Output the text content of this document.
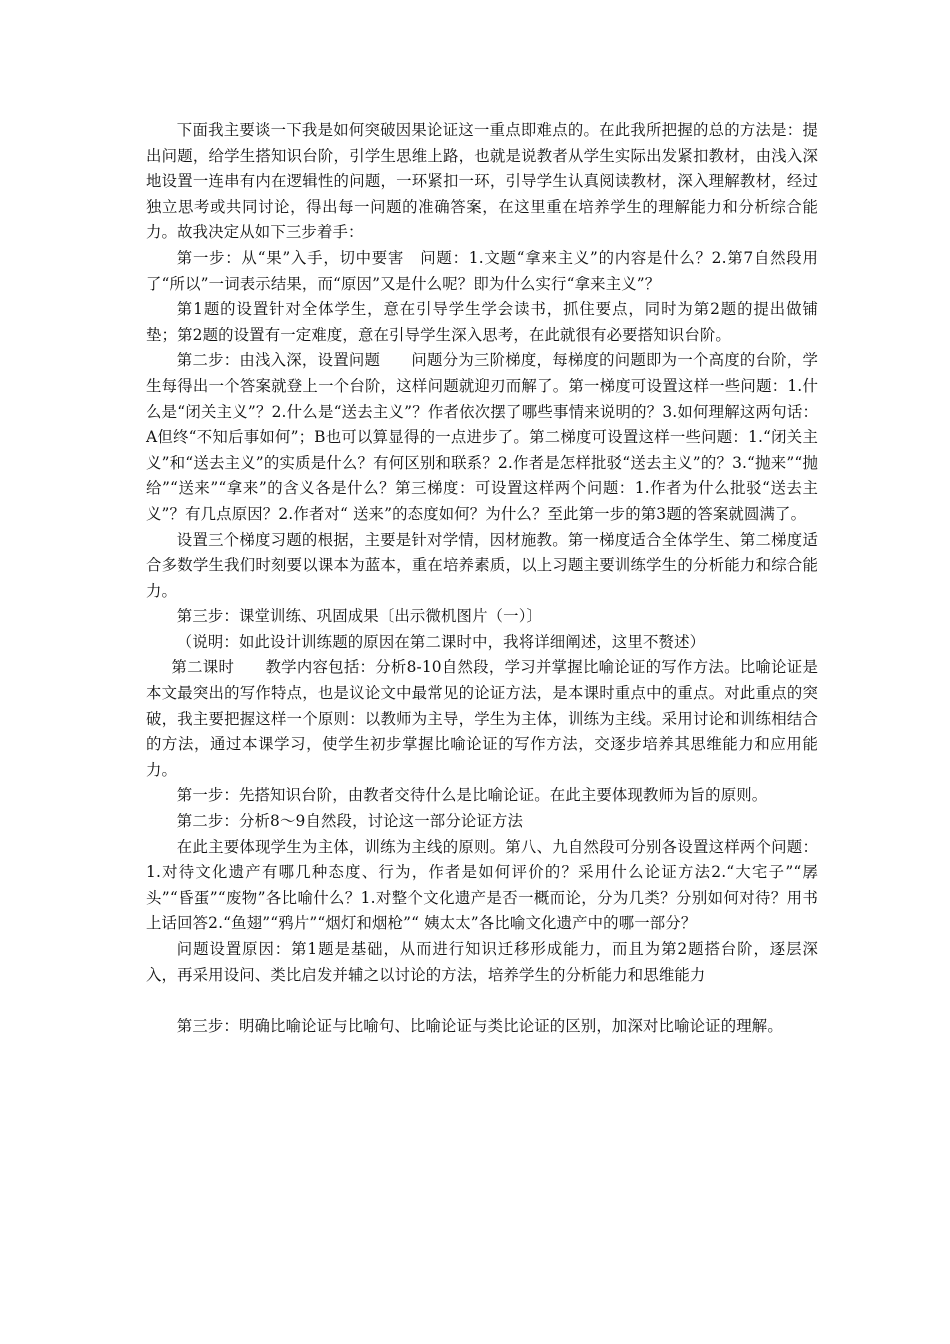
下面我主要谈一下我是如何突破因果论证这一重点即难点的。在此我所把握的总的方法是：提出问题，给学生搭知识台阶，引学生思维上路，也就是说教者从学生实际出发紧扣教材，由浅入深地设置一连串有内在逻辑性的问题，一环紧扣一环，引导学生认真阅读教材，深入理解教材，经过独立思考或共同讨论，得出每一问题的准确答案，在这里重在培养学生的理解能力和分析综合能力。故我决定从如下三步着手：

第一步：从“果”入手，切中要害　问题：1.文题“拿来主义”的内容是什么？2.第7自然段用了“所以”一词表示结果，而“原因”又是什么呢？即为什么实行“拿来主义”？

第1题的设置针对全体学生，意在引导学生学会读书，抓住要点，同时为第2题的提出做铺垫；第2题的设置有一定难度，意在引导学生深入思考，在此就很有必要搭知识台阶。

第二步：由浅入深，设置问题　　问题分为三阶梯度，每梯度的问题即为一个高度的台阶，学生每得出一个答案就登上一个台阶，这样问题就迎刃而解了。第一梯度可设置这样一些问题：1.什么是“闭关主义”？2.什么是“送去主义”？作者依次摆了哪些事情来说明的？3.如何理解这两句话：A但终“不知后事如何”；B也可以算显得的一点进步了。第二梯度可设置这样一些问题：1.“闭关主义”和“送去主义”的实质是什么？有何区别和联系？2.作者是怎样批驳“送去主义”的？3.“抛来”“抛给”“送来”“拿来”的含义各是什么？第三梯度：可设置这样两个问题：1.作者为什么批驳“送去主义”？有几点原因？2.作者对“ 送来”的态度如何？为什么？至此第一步的第3题的答案就圆满了。

设置三个梯度习题的根据，主要是针对学情，因材施教。第一梯度适合全体学生、第二梯度适合多数学生我们时刻要以课本为蓝本，重在培养素质，以上习题主要训练学生的分析能力和综合能力。

第三步：课堂训练、巩固成果〔出示微机图片（一）〕

（说明：如此设计训练题的原因在第二课时中，我将详细阐述，这里不赘述）

第二课时　　教学内容包括：分析8-10自然段，学习并掌握比喻论证的写作方法。比喻论证是本文最突出的写作特点，也是议论文中最常见的论证方法，是本课时重点中的重点。对此重点的突破，我主要把握这样一个原则：以教师为主导，学生为主体，训练为主线。采用讨论和训练相结合的方法，通过本课学习，使学生初步掌握比喻论证的写作方法，交逐步培养其思维能力和应用能力。

第一步：先搭知识台阶，由教者交待什么是比喻论证。在此主要体现教师为旨的原则。

第二步：分析8～9自然段，讨论这一部分论证方法

在此主要体现学生为主体，训练为主线的原则。第八、九自然段可分别各设置这样两个问题：1.对待文化遗产有哪几种态度、行为，作者是如何评价的？采用什么论证方法2.“大宅子”“孱头”“昏蛋”“废物”各比喻什么？1.对整个文化遗产是否一概而论，分为几类？分别如何对待？用书上话回答2.“鱼翅”“鸦片”“烟灯和烟枪”“ 姨太太”各比喻文化遗产中的哪一部分？

问题设置原因：第1题是基础，从而进行知识迁移形成能力，而且为第2题搭台阶，逐层深入，再采用设问、类比启发并辅之以讨论的方法，培养学生的分析能力和思维能力

第三步：明确比喻论证与比喻句、比喻论证与类比论证的区别，加深对比喻论证的理解。
